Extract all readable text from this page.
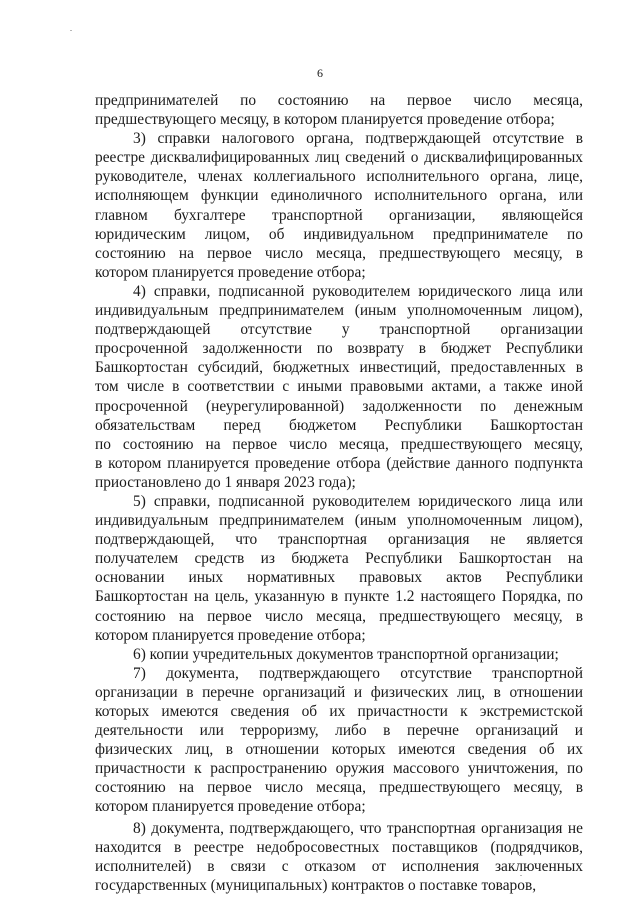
6
предпринимателей по состоянию на первое число месяца,
предшествующего месяцу, в котором планируется проведение отбора;
3) справки налогового органа, подтверждающей отсутствие в
реестре дисквалифицированных лиц сведений о дисквалифицированных
руководителе, членах коллегиального исполнительного органа, лице,
исполняющем функции единоличного исполнительного органа, или
главном бухгалтере транспортной организации, являющейся
юридическим лицом, об индивидуальном предпринимателе по
состоянию на первое число месяца, предшествующего месяцу, в
котором планируется проведение отбора;
4) справки, подписанной руководителем юридического лица или
индивидуальным предпринимателем (иным уполномоченным лицом),
подтверждающей отсутствие у транспортной организации
просроченной задолженности по возврату в бюджет Республики
Башкортостан субсидий, бюджетных инвестиций, предоставленных в
том числе в соответствии с иными правовыми актами, а также иной
просроченной (неурегулированной) задолженности по денежным
обязательствам перед бюджетом Республики Башкортостан
по состоянию на первое число месяца, предшествующего месяцу,
в котором планируется проведение отбора (действие данного подпункта
приостановлено до 1 января 2023 года);
5) справки, подписанной руководителем юридического лица или
индивидуальным предпринимателем (иным уполномоченным лицом),
подтверждающей, что транспортная организация не является
получателем средств из бюджета Республики Башкортостан на
основании иных нормативных правовых актов Республики
Башкортостан на цель, указанную в пункте 1.2 настоящего Порядка, по
состоянию на первое число месяца, предшествующего месяцу, в
котором планируется проведение отбора;
6) копии учредительных документов транспортной организации;
7) документа, подтверждающего отсутствие транспортной
организации в перечне организаций и физических лиц, в отношении
которых имеются сведения об их причастности к экстремистской
деятельности или терроризму, либо в перечне организаций и
физических лиц, в отношении которых имеются сведения об их
причастности к распространению оружия массового уничтожения, по
состоянию на первое число месяца, предшествующего месяцу, в
котором планируется проведение отбора;
8) документа, подтверждающего, что транспортная организация не
находится в реестре недобросовестных поставщиков (подрядчиков,
исполнителей) в связи с отказом от исполнения заключенных
государственных (муниципальных) контрактов о поставке товаров,
